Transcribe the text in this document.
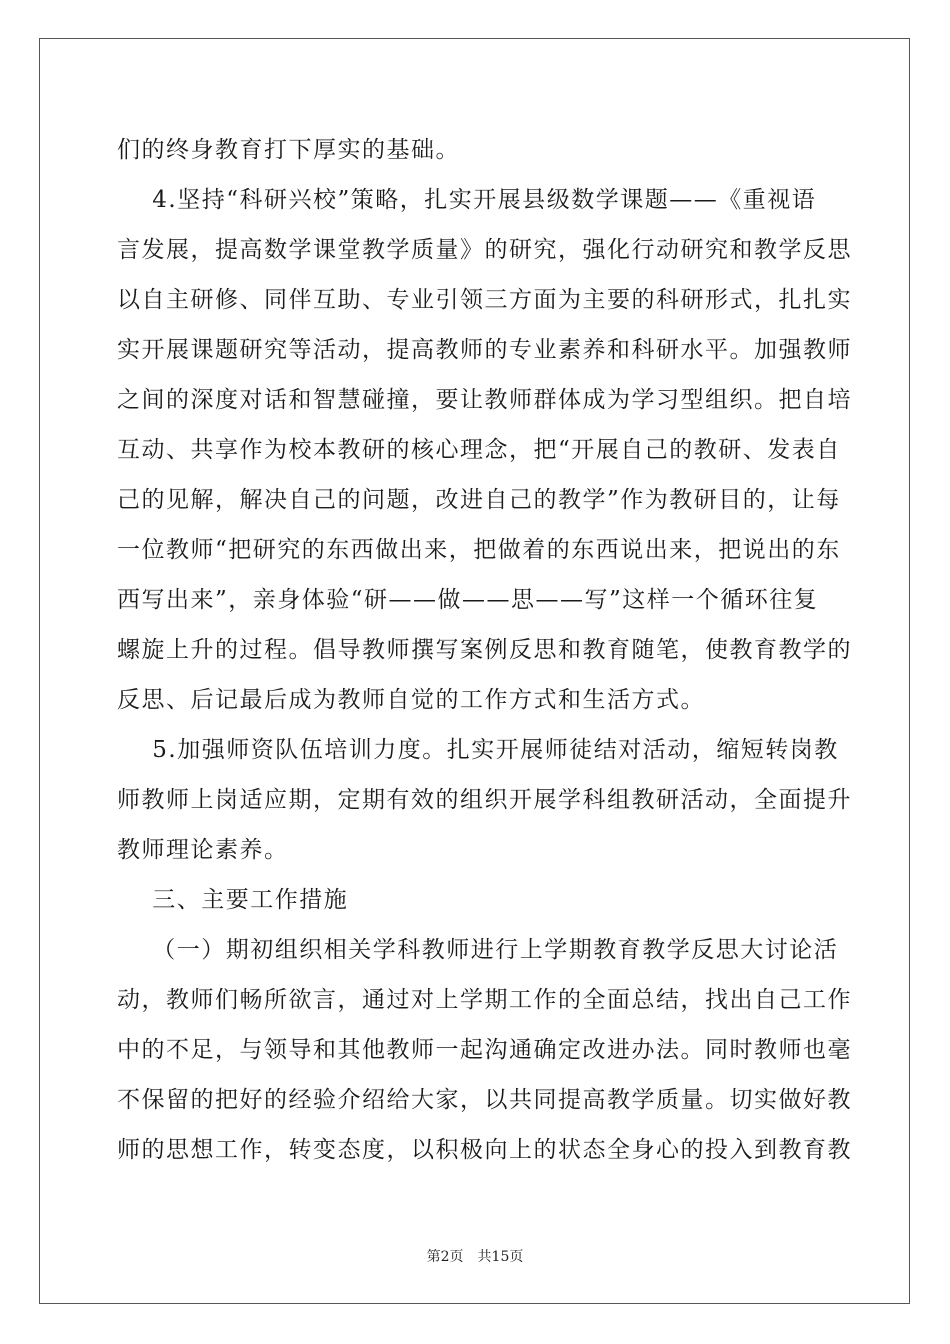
们的终身教育打下厚实的基础。
4.坚持“科研兴校”策略，扎实开展县级数学课题——《重视语
言发展，提高数学课堂教学质量》的研究，强化行动研究和教学反思
以自主研修、同伴互助、专业引领三方面为主要的科研形式，扎扎实
实开展课题研究等活动，提高教师的专业素养和科研水平。加强教师
之间的深度对话和智慧碰撞，要让教师群体成为学习型组织。把自培
互动、共享作为校本教研的核心理念，把“开展自己的教研、发表自
己的见解，解决自己的问题，改进自己的教学”作为教研目的，让每
一位教师“把研究的东西做出来，把做着的东西说出来，把说出的东
西写出来”，亲身体验“研——做——思——写”这样一个循环往复
螺旋上升的过程。倡导教师撰写案例反思和教育随笔，使教育教学的
反思、后记最后成为教师自觉的工作方式和生活方式。
5.加强师资队伍培训力度。扎实开展师徒结对活动，缩短转岗教
师教师上岗适应期，定期有效的组织开展学科组教研活动，全面提升
教师理论素养。
三、主要工作措施
（一）期初组织相关学科教师进行上学期教育教学反思大讨论活
动，教师们畅所欲言，通过对上学期工作的全面总结，找出自己工作
中的不足，与领导和其他教师一起沟通确定改进办法。同时教师也毫
不保留的把好的经验介绍给大家，以共同提高教学质量。切实做好教
师的思想工作，转变态度，以积极向上的状态全身心的投入到教育教
第2页 共15页
